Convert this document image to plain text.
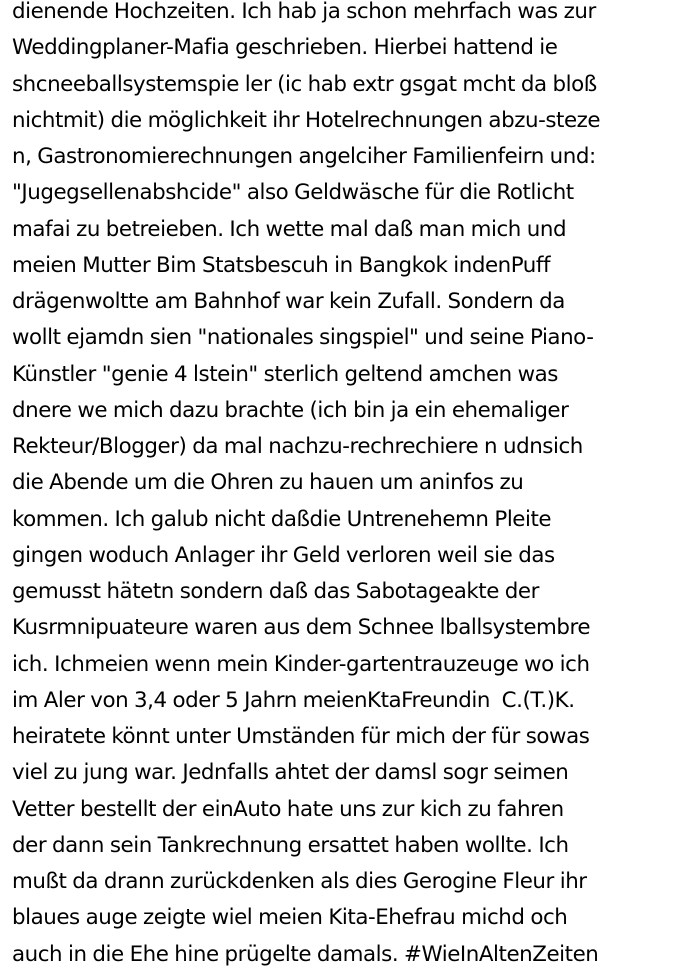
dienende Hochzeiten. Ich hab ja schon mehrfach was zur
Weddingplaner-Mafia geschrieben. Hierbei hattend ie
shcneeballsystemspie ler (ic hab extr gsgat mcht da bloß
nichtmit) die möglichkeit ihr Hotelrechnungen abzu-steze
n, Gastronomierechnungen angelciher Familienfeirn und:
"Jugegsellenabshcide" also Geldwäsche für die Rotlicht
mafai zu betreieben. Ich wette mal daß man mich und
meien Mutter Bim Statsbescuh in Bangkok indenPuff
drägenwoltte am Bahnhof war kein Zufall. Sondern da
wollt ejamdn sien "nationales singspiel" und seine Piano-
Künstler "genie 4 lstein" sterlich geltend amchen was
dnere we mich dazu brachte (ich bin ja ein ehemaliger
Rekteur/Blogger) da mal nachzu-rechrechiere n udnsich
die Abende um die Ohren zu hauen um aninfos zu
kommen. Ich galub nicht daßdie Untrenehemn Pleite
gingen woduch Anlager ihr Geld verloren weil sie das
gemusst hätetn sondern daß das Sabotageakte der
Kusrmnipuateure waren aus dem Schnee lballsystembre
ich. Ichmeien wenn mein Kinder-gartentrauzeuge wo ich
im Aler von 3,4 oder 5 Jahrn meienKtaFreundin  C.(T.)K.
heiratete könnt unter Umständen für mich der für sowas
viel zu jung war. Jednfalls ahtet der damsl sogr seimen
Vetter bestellt der einAuto hate uns zur kich zu fahren
der dann sein Tankrechnung ersattet haben wollte. Ich
mußt da drann zurückdenken als dies Gerogine Fleur ihr
blaues auge zeigte wiel meien Kita-Ehefrau michd och
auch in die Ehe hine prügelte damals. #WieInAltenZeiten
